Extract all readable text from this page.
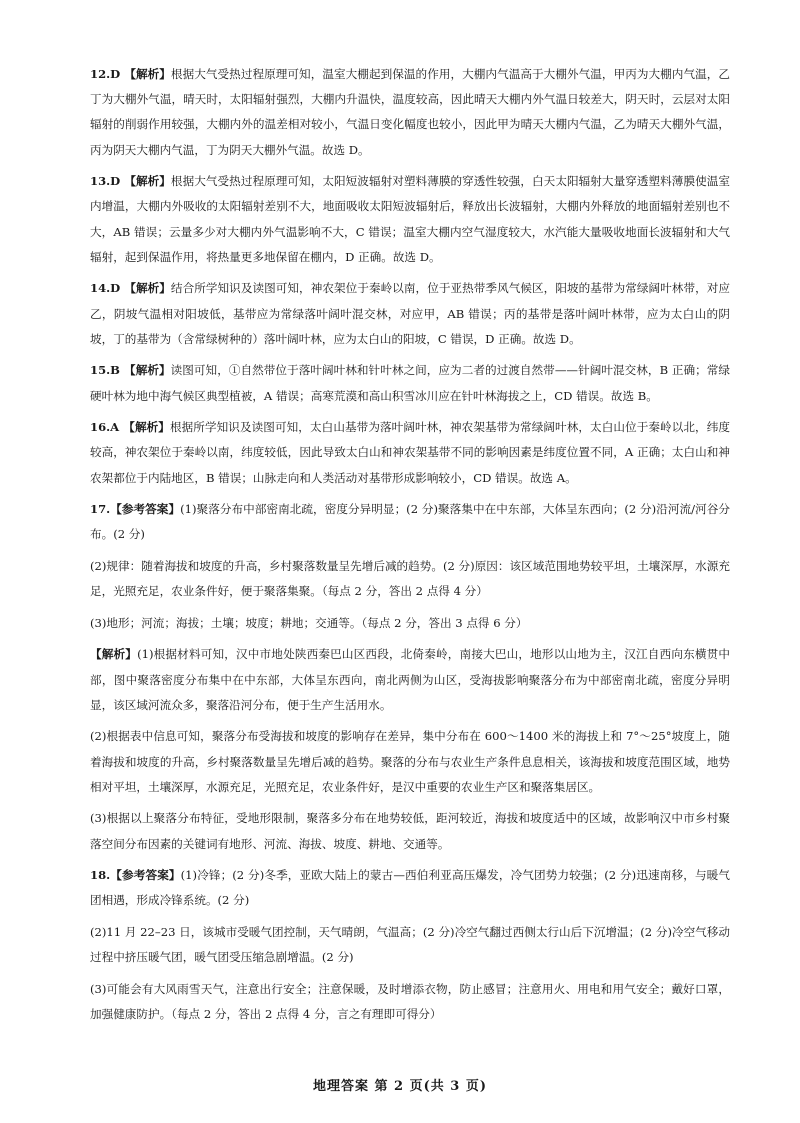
12.D 【解析】根据大气受热过程原理可知，温室大棚起到保温的作用，大棚内气温高于大棚外气温，甲丙为大棚内气温，乙丁为大棚外气温，晴天时，太阳辐射强烈，大棚内升温快，温度较高，因此晴天大棚内外气温日较差大，阴天时，云层对太阳辐射的削弱作用较强，大棚内外的温差相对较小，气温日变化幅度也较小，因此甲为晴天大棚内气温，乙为晴天大棚外气温，丙为阴天大棚内气温，丁为阴天大棚外气温。故选 D。

13.D 【解析】根据大气受热过程原理可知，太阳短波辐射对塑料薄膜的穿透性较强，白天太阳辐射大量穿透塑料薄膜使温室内增温，大棚内外吸收的太阳辐射差别不大，地面吸收太阳短波辐射后，释放出长波辐射，大棚内外释放的地面辐射差别也不大，AB 错误；云量多少对大棚内外气温影响不大，C 错误；温室大棚内空气湿度较大，水汽能大量吸收地面长波辐射和大气辐射，起到保温作用，将热量更多地保留在棚内，D 正确。故选 D。

14.D 【解析】结合所学知识及读图可知，神农架位于秦岭以南，位于亚热带季风气候区，阳坡的基带为常绿阔叶林带，对应乙，阴坡气温相对阳坡低，基带应为常绿落叶阔叶混交林，对应甲，AB 错误；丙的基带是落叶阔叶林带，应为太白山的阴坡，丁的基带为（含常绿树种的）落叶阔叶林，应为太白山的阳坡，C 错误，D 正确。故选 D。

15.B 【解析】读图可知，①自然带位于落叶阔叶林和针叶林之间，应为二者的过渡自然带——针阔叶混交林，B 正确；常绿硬叶林为地中海气候区典型植被，A 错误；高寒荒漠和高山积雪冰川应在针叶林海拔之上，CD 错误。故选 B。

16.A 【解析】根据所学知识及读图可知，太白山基带为落叶阔叶林，神农架基带为常绿阔叶林，太白山位于秦岭以北，纬度较高，神农架位于秦岭以南，纬度较低，因此导致太白山和神农架基带不同的影响因素是纬度位置不同，A 正确；太白山和神农架都位于内陆地区，B 错误；山脉走向和人类活动对基带形成影响较小，CD 错误。故选 A。

17.【参考答案】(1)聚落分布中部密南北疏，密度分异明显；(2 分)聚落集中在中东部，大体呈东西向；(2 分)沿河流/河谷分布。(2 分)

(2)规律：随着海拔和坡度的升高，乡村聚落数量呈先增后减的趋势。(2 分)原因：该区域范围地势较平坦，土壤深厚，水源充足，光照充足，农业条件好，便于聚落集聚。（每点 2 分，答出 2 点得 4 分）

(3)地形；河流；海拔；土壤；坡度；耕地；交通等。（每点 2 分，答出 3 点得 6 分）

【解析】(1)根据材料可知，汉中市地处陕西秦巴山区西段，北倚秦岭，南接大巴山，地形以山地为主，汉江自西向东横贯中部，图中聚落密度分布集中在中东部，大体呈东西向，南北两侧为山区，受海拔影响聚落分布为中部密南北疏，密度分异明显，该区域河流众多，聚落沿河分布，便于生产生活用水。

(2)根据表中信息可知，聚落分布受海拔和坡度的影响存在差异，集中分布在 600～1400 米的海拔上和 7°～25°坡度上，随着海拔和坡度的升高，乡村聚落数量呈先增后减的趋势。聚落的分布与农业生产条件息息相关，该海拔和坡度范围区域，地势相对平坦，土壤深厚，水源充足，光照充足，农业条件好，是汉中重要的农业生产区和聚落集居区。

(3)根据以上聚落分布特征，受地形限制，聚落多分布在地势较低，距河较近，海拔和坡度适中的区域，故影响汉中市乡村聚落空间分布因素的关键词有地形、河流、海拔、坡度、耕地、交通等。

18.【参考答案】(1)冷锋；(2 分)冬季，亚欧大陆上的蒙古—西伯利亚高压爆发，冷气团势力较强；(2 分)迅速南移，与暖气团相遇，形成冷锋系统。(2 分)

(2)11 月 22–23 日，该城市受暖气团控制，天气晴朗，气温高；(2 分)冷空气翻过西侧太行山后下沉增温；(2 分)冷空气移动过程中挤压暖气团，暖气团受压缩急剧增温。(2 分)

(3)可能会有大风雨雪天气，注意出行安全；注意保暖，及时增添衣物，防止感冒；注意用火、用电和用气安全；戴好口罩，加强健康防护。（每点 2 分，答出 2 点得 4 分，言之有理即可得分）

地理答案 第 2 页(共 3 页)
